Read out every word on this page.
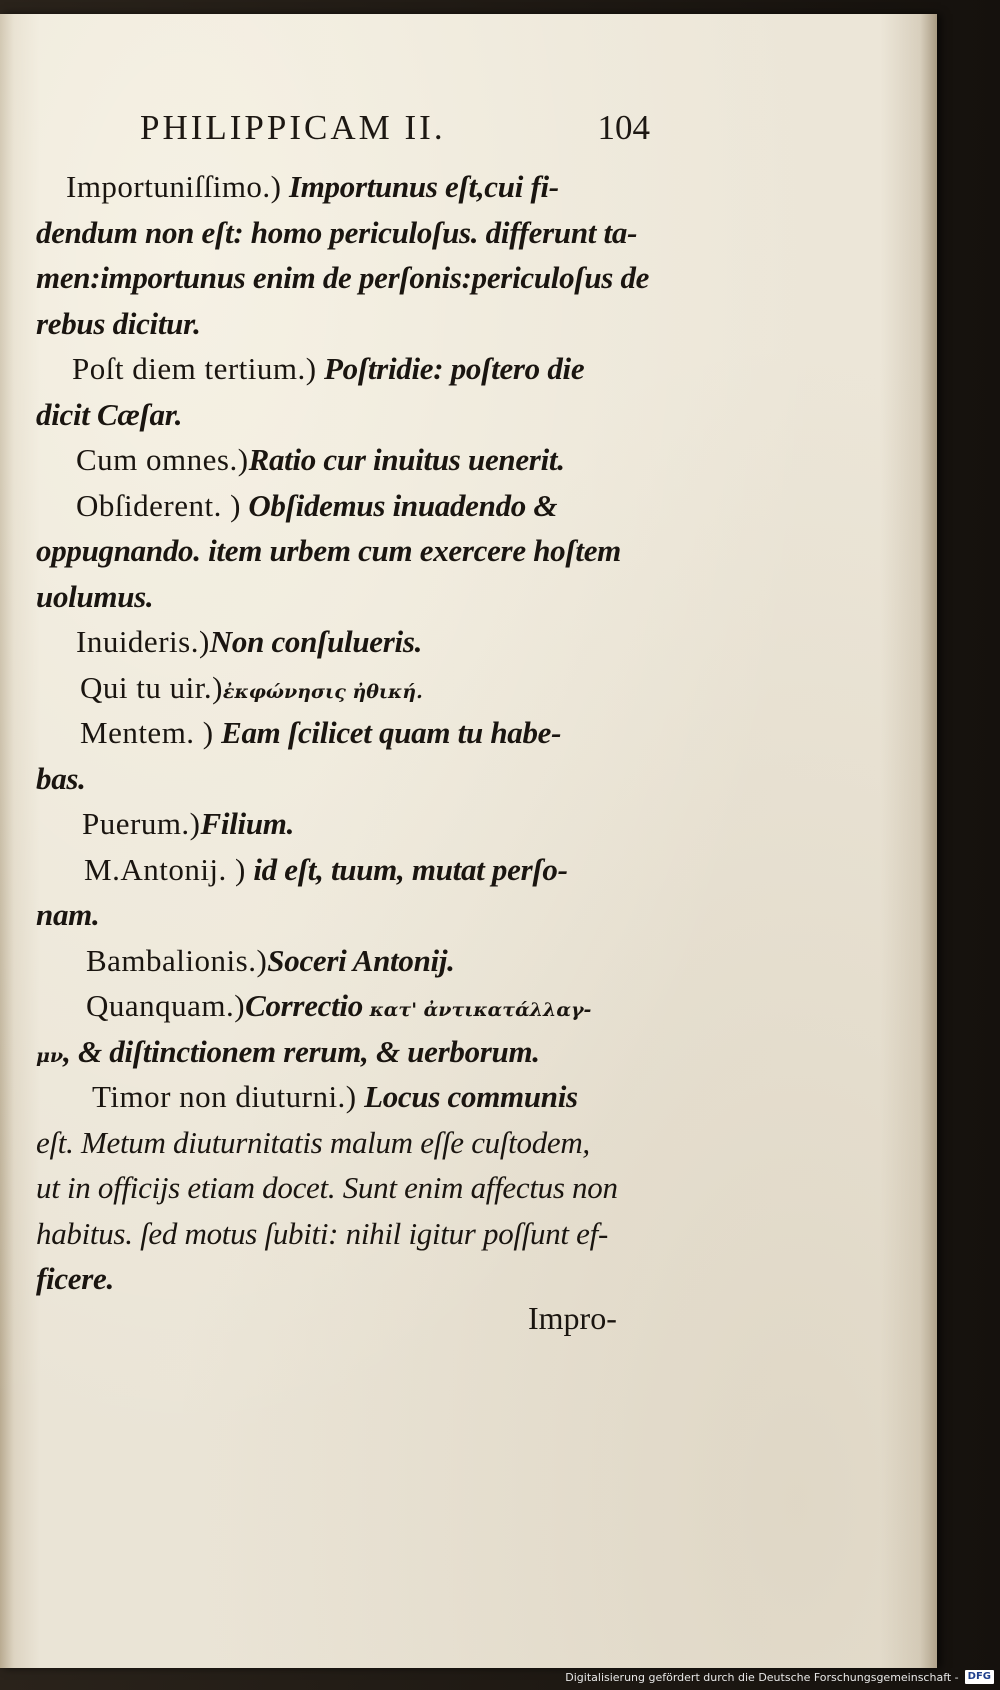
PHILIPPICAM II.	104
Importuniſſimo.) Importunus eſt,cui fi-
dendum non eſt: homo periculoſus. differunt ta-
men:importunus enim de perſonis:periculoſus de
rebus dicitur.
Poſt diem tertium.) Poſtridie: poſtero die
dicit Cæſar.
Cum omnes.)Ratio cur inuitus uenerit.
Obſiderent. ) Obſidemus inuadendo &
oppugnando. item urbem cum exercere hoſtem
uolumus.
Inuideris.)Non conſulueris.
Qui tu uir.)ἐκφώνησις ἠθική.
Mentem. ) Eam ſcilicet quam tu habe-
bas.
Puerum.)Filium.
M.Antonij. ) id eſt, tuum, mutat perſo-
nam.
Bambalionis.)Soceri Antonij.
Quanquam.)Correctio κατ' ἀντικατάλλαγ-
μν, & diſtinctionem rerum, & uerborum.
Timor non diuturni.) Locus communis
eſt. Metum diuturnitatis malum eſſe cuſtodem,
ut in officijs etiam docet. Sunt enim affectus non
habitus. ſed motus ſubiti: nihil igitur poſſunt ef-
ficere.
Impro-
Digitalisierung gefördert durch die Deutsche Forschungsgemeinschaft - DFG
